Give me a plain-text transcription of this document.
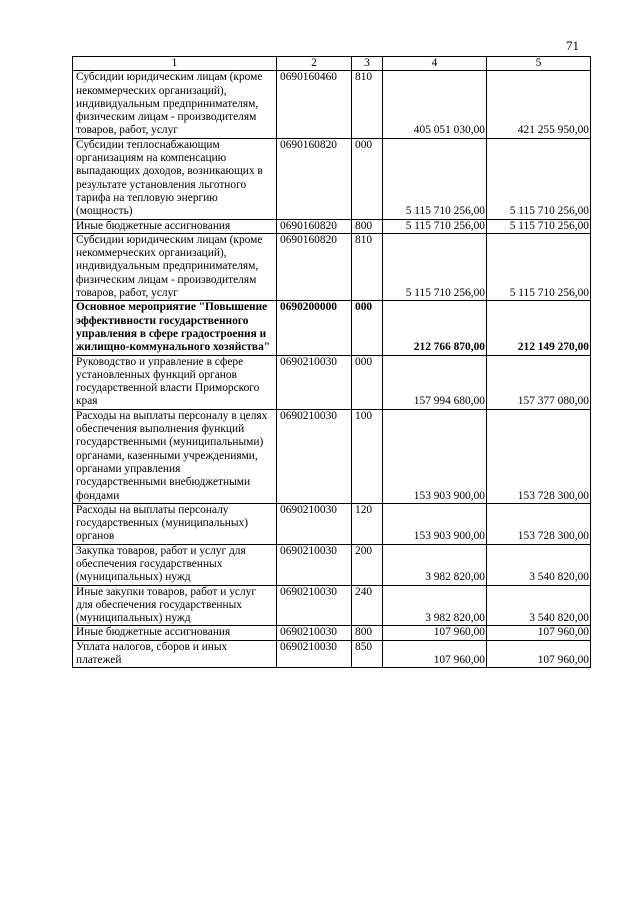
71
1	2	3	4	5
Субсидии юридическим лицам (кроме некоммерческих организаций), индивидуальным предпринимателям, физическим лицам - производителям товаров, работ, услуг	0690160460	810	405 051 030,00	421 255 950,00
Субсидии теплоснабжающим организациям на компенсацию выпадающих доходов, возникающих в результате установления льготного тарифа на тепловую энергию (мощность)	0690160820	000	5 115 710 256,00	5 115 710 256,00
Иные бюджетные ассигнования	0690160820	800	5 115 710 256,00	5 115 710 256,00
Субсидии юридическим лицам (кроме некоммерческих организаций), индивидуальным предпринимателям, физическим лицам - производителям товаров, работ, услуг	0690160820	810	5 115 710 256,00	5 115 710 256,00
Основное мероприятие "Повышение эффективности государственного управления в сфере градостроения и жилищно-коммунального хозяйства"	0690200000	000	212 766 870,00	212 149 270,00
Руководство и управление в сфере установленных функций органов государственной власти Приморского края	0690210030	000	157 994 680,00	157 377 080,00
Расходы на выплаты персоналу в целях обеспечения выполнения функций государственными (муниципальными) органами, казенными учреждениями, органами управления государственными внебюджетными фондами	0690210030	100	153 903 900,00	153 728 300,00
Расходы на выплаты персоналу государственных (муниципальных) органов	0690210030	120	153 903 900,00	153 728 300,00
Закупка товаров, работ и услуг для обеспечения государственных (муниципальных) нужд	0690210030	200	3 982 820,00	3 540 820,00
Иные закупки товаров, работ и услуг для обеспечения государственных (муниципальных) нужд	0690210030	240	3 982 820,00	3 540 820,00
Иные бюджетные ассигнования	0690210030	800	107 960,00	107 960,00
Уплата налогов, сборов и иных платежей	0690210030	850	107 960,00	107 960,00
